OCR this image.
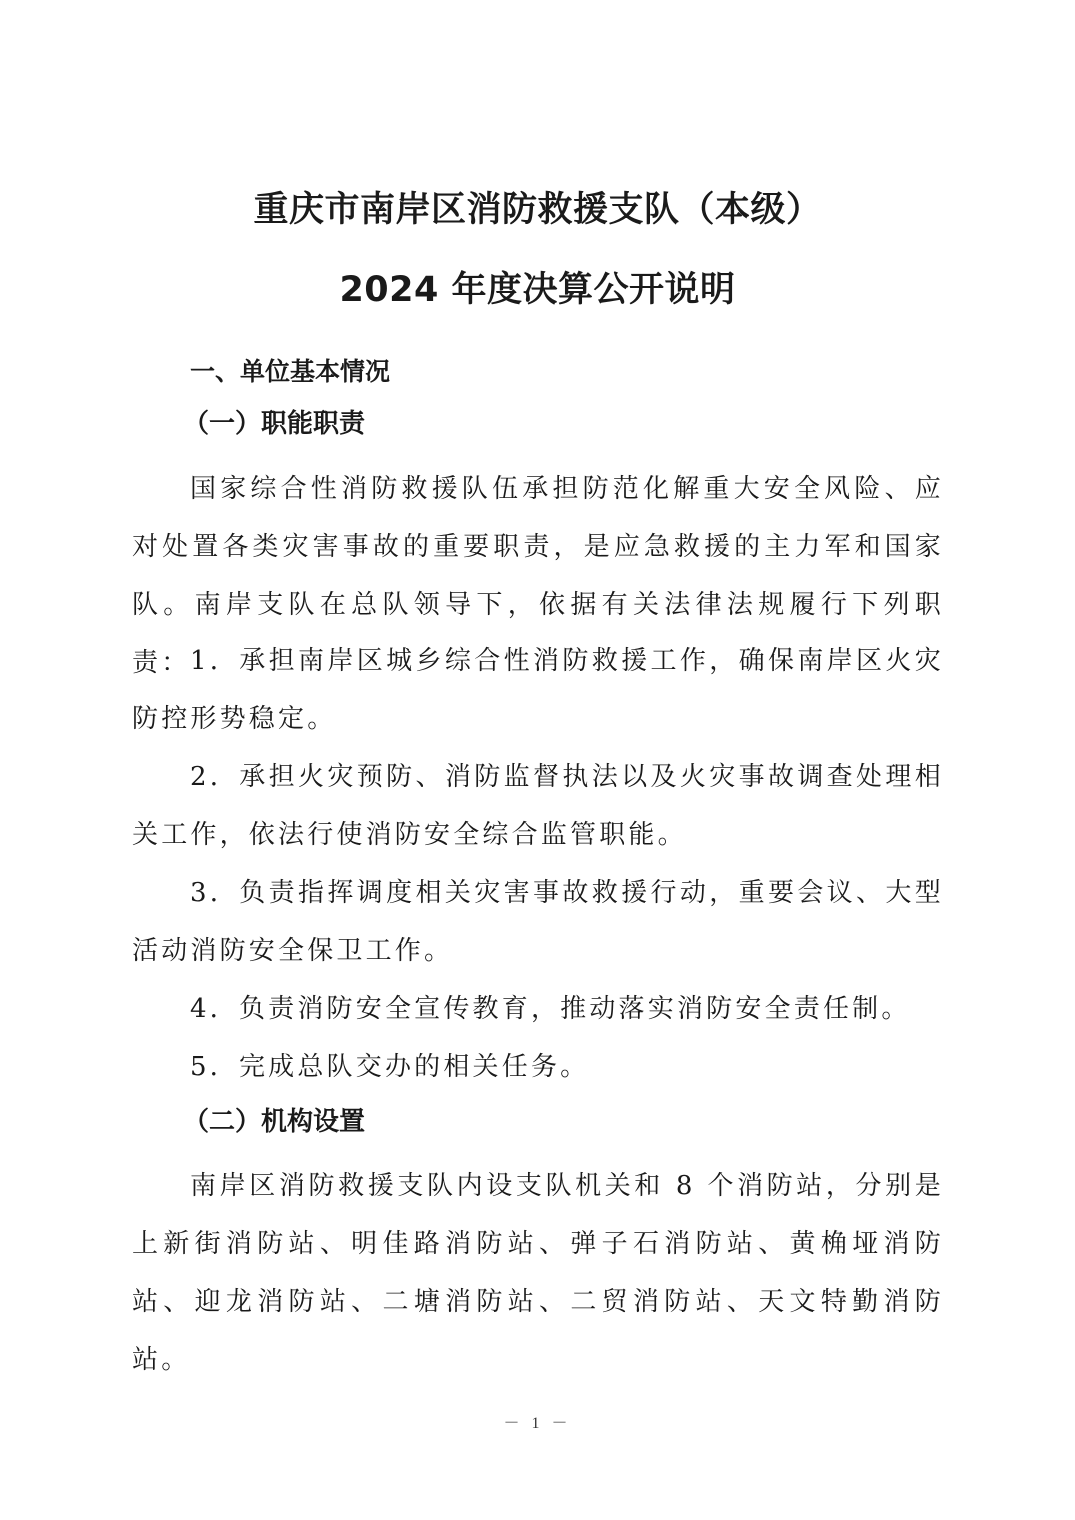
重庆市南岸区消防救援支队（本级）
2024 年度决算公开说明
一、单位基本情况
（一）职能职责

国家综合性消防救援队伍承担防范化解重大安全风险、应对处置各类灾害事故的重要职责，是应急救援的主力军和国家队。南岸支队在总队领导下，依据有关法律法规履行下列职责： 1．承担南岸区城乡综合性消防救援工作，确保南岸区火灾防控形势稳定。

2．承担火灾预防、消防监督执法以及火灾事故调查处理相关工作，依法行使消防安全综合监管职能。

3．负责指挥调度相关灾害事故救援行动，重要会议、大型活动消防安全保卫工作。

4．负责消防安全宣传教育，推动落实消防安全责任制。

5．完成总队交办的相关任务。

（二）机构设置

南岸区消防救援支队内设支队机关和 8 个消防站，分别是上新街消防站、明佳路消防站、弹子石消防站、黄桷垭消防站、迎龙消防站、二塘消防站、二贸消防站、天文特勤消防站。

－ 1 －
